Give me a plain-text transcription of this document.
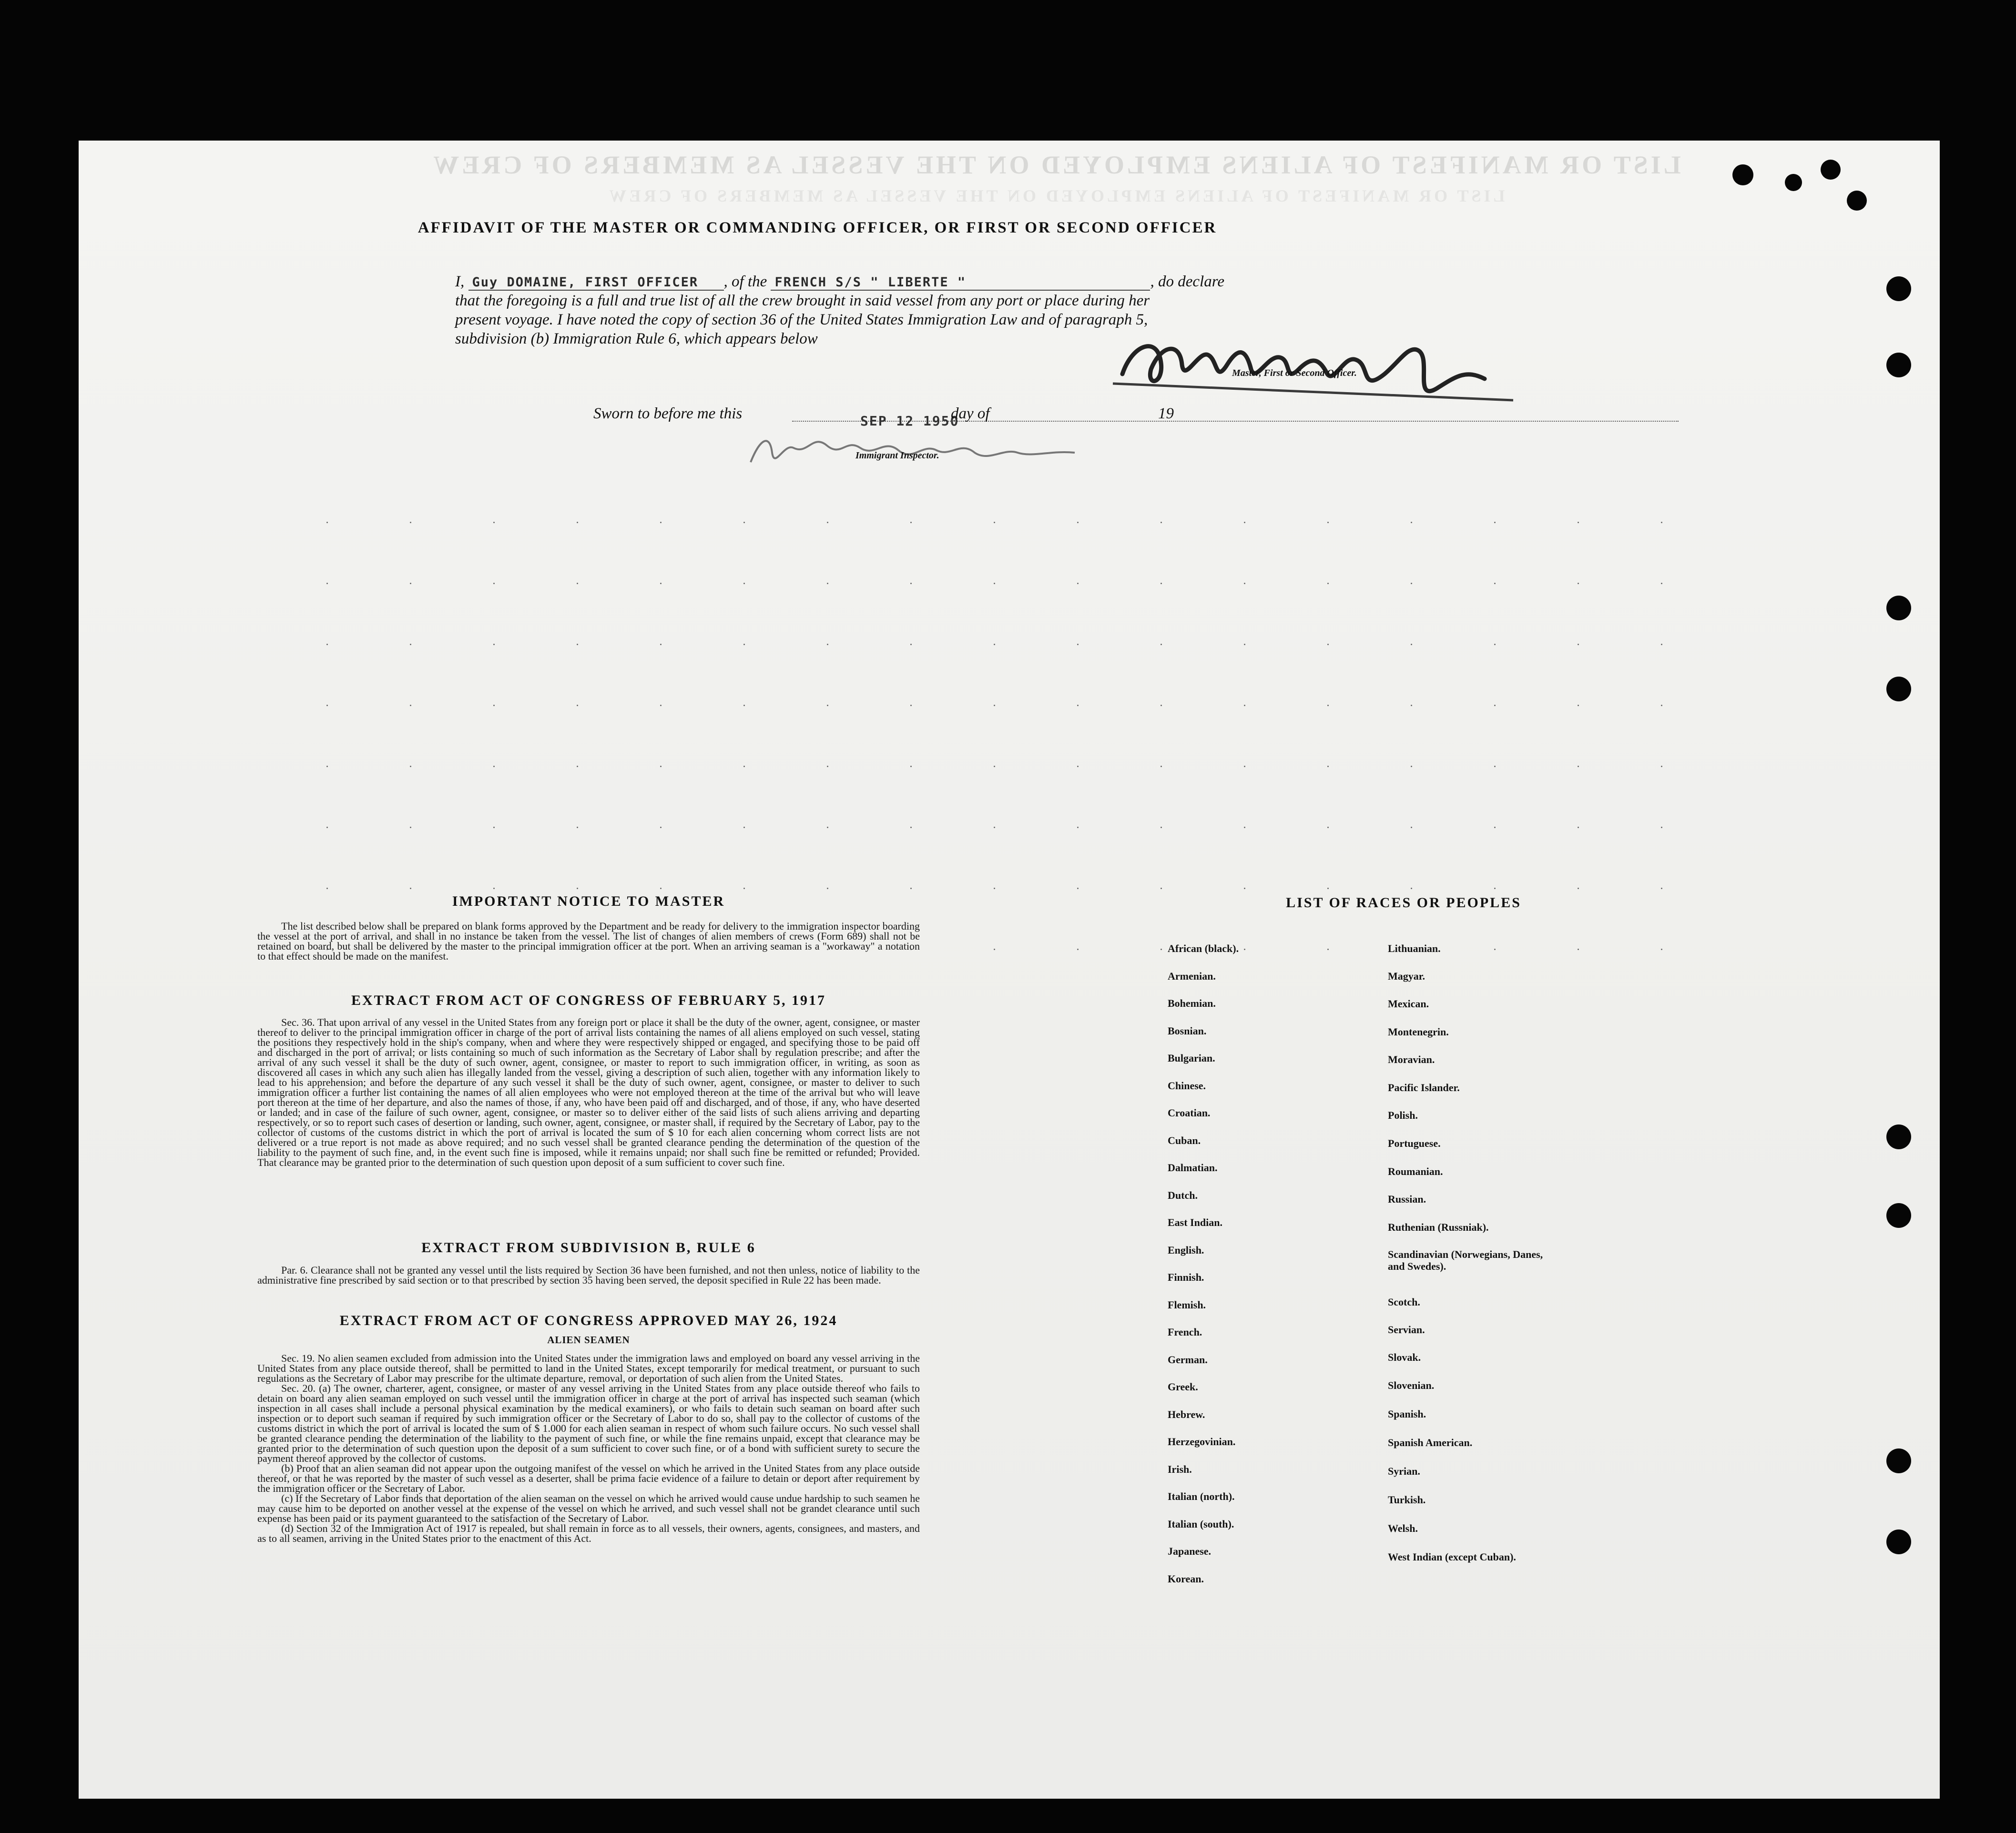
LIST OR MANIFEST OF ALIENS EMPLOYED ON THE VESSEL AS MEMBERS OF CREW
LIST OR MANIFEST OF ALIENS EMPLOYED ON THE VESSEL AS MEMBERS OF CREW
AFFIDAVIT OF THE MASTER OR COMMANDING OFFICER, OR FIRST OR SECOND OFFICER
I, Guy DOMAINE, FIRST OFFICER , of the FRENCH S/S " LIBERTE "	, do declare
that the foregoing is a full and true list of all the crew brought in said vessel from any port or place during her
present voyage. I have noted the copy of section 36 of the United States Immigration Law and of paragraph 5,
subdivision (b) Immigration Rule 6, which appears below
Master, First or Second Officer.
Sworn to before me this	SEP 12 1950
day of	19
Immigrant Inspector.
IMPORTANT NOTICE TO MASTER

The list described below shall be prepared on blank forms approved by the Department and be ready for delivery to the immigration inspector boarding the vessel at the port of arrival, and shall in no instance be taken from the vessel. The list of changes of alien members of crews (Form 689) shall not be retained on board, but shall be delivered by the master to the principal immigration officer at the port. When an arriving seaman is a "workaway" a notation to that effect should be made on the manifest.

EXTRACT FROM ACT OF CONGRESS OF FEBRUARY 5, 1917

Sec. 36. That upon arrival of any vessel in the United States from any foreign port or place it shall be the duty of the owner, agent, consignee, or master thereof to deliver to the principal immigration officer in charge of the port of arrival lists containing the names of all aliens employed on such vessel, stating the positions they respectively hold in the ship's company, when and where they were respectively shipped or engaged, and specifying those to be paid off and discharged in the port of arrival; or lists containing so much of such information as the Secretary of Labor shall by regulation prescribe; and after the arrival of any such vessel it shall be the duty of such owner, agent, consignee, or master to report to such immigration officer, in writing, as soon as discovered all cases in which any such alien has illegally landed from the vessel, giving a description of such alien, together with any information likely to lead to his apprehension; and before the departure of any such vessel it shall be the duty of such owner, agent, consignee, or master to deliver to such immigration officer a further list containing the names of all alien employees who were not employed thereon at the time of the arrival but who will leave port thereon at the time of her departure, and also the names of those, if any, who have been paid off and discharged, and of those, if any, who have deserted or landed; and in case of the failure of such owner, agent, consignee, or master so to deliver either of the said lists of such aliens arriving and departing respectively, or so to report such cases of desertion or landing, such owner, agent, consignee, or master shall, if required by the Secretary of Labor, pay to the collector of customs of the customs district in which the port of arrival is located the sum of $ 10 for each alien concerning whom correct lists are not delivered or a true report is not made as above required; and no such vessel shall be granted clearance pending the determination of the question of the liability to the payment of such fine, and, in the event such fine is imposed, while it remains unpaid; nor shall such fine be remitted or refunded; Provided. That clearance may be granted prior to the determination of such question upon deposit of a sum sufficient to cover such fine.

EXTRACT FROM SUBDIVISION B, RULE 6

Par. 6. Clearance shall not be granted any vessel until the lists required by Section 36 have been furnished, and not then unless, notice of liability to the administrative fine prescribed by said section or to that prescribed by section 35 having been served, the deposit specified in Rule 22 has been made.

EXTRACT FROM ACT OF CONGRESS APPROVED MAY 26, 1924
ALIEN SEAMEN

Sec. 19. No alien seamen excluded from admission into the United States under the immigration laws and employed on board any vessel arriving in the United States from any place outside thereof, shall be permitted to land in the United States, except temporarily for medical treatment, or pursuant to such regulations as the Secretary of Labor may prescribe for the ultimate departure, removal, or deportation of such alien from the United States.

Sec. 20. (a) The owner, charterer, agent, consignee, or master of any vessel arriving in the United States from any place outside thereof who fails to detain on board any alien seaman employed on such vessel until the immigration officer in charge at the port of arrival has inspected such seaman (which inspection in all cases shall include a personal physical examination by the medical examiners), or who fails to detain such seaman on board after such inspection or to deport such seaman if required by such immigration officer or the Secretary of Labor to do so, shall pay to the collector of customs of the customs district in which the port of arrival is located the sum of $ 1.000 for each alien seaman in respect of whom such failure occurs. No such vessel shall be granted clearance pending the determination of the liability to the payment of such fine, or while the fine remains unpaid, except that clearance may be granted prior to the determination of such question upon the deposit of a sum sufficient to cover such fine, or of a bond with sufficient surety to secure the payment thereof approved by the collector of customs.

(b) Proof that an alien seaman did not appear upon the outgoing manifest of the vessel on which he arrived in the United States from any place outside thereof, or that he was reported by the master of such vessel as a deserter, shall be prima facie evidence of a failure to detain or deport after requirement by the immigration officer or the Secretary of Labor.

(c) If the Secretary of Labor finds that deportation of the alien seaman on the vessel on which he arrived would cause undue hardship to such seamen he may cause him to be deported on another vessel at the expense of the vessel on which he arrived, and such vessel shall not be grandet clearance until such expense has been paid or its payment guaranteed to the satisfaction of the Secretary of Labor.

(d) Section 32 of the Immigration Act of 1917 is repealed, but shall remain in force as to all vessels, their owners, agents, consignees, and masters, and as to all seamen, arriving in the United States prior to the enactment of this Act.

LIST OF RACES OR PEOPLES
African (black).
Armenian.
Bohemian.
Bosnian.
Bulgarian.
Chinese.
Croatian.
Cuban.
Dalmatian.
Dutch.
East Indian.
English.
Finnish.
Flemish.
French.
German.
Greek.
Hebrew.
Herzegovinian.
Irish.
Italian (north).
Italian (south).
Japanese.
Korean.
Lithuanian.
Magyar.
Mexican.
Montenegrin.
Moravian.
Pacific Islander.
Polish.
Portuguese.
Roumanian.
Russian.
Ruthenian (Russniak).
Scandinavian (Norwegians, Danes, and Swedes).
Scotch.
Servian.
Slovak.
Slovenian.
Spanish.
Spanish American.
Syrian.
Turkish.
Welsh.
West Indian (except Cuban).
